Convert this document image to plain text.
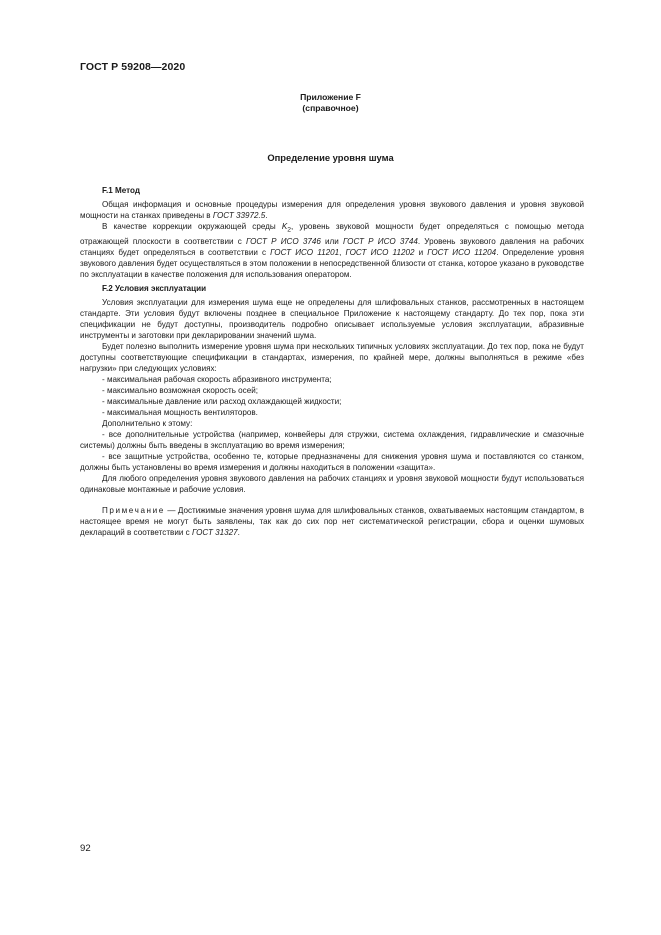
ГОСТ Р 59208—2020
Приложение F
(справочное)
Определение уровня шума

F.1 Метод

Общая информация и основные процедуры измерения для определения уровня звукового давления и уровня звуковой мощности на станках приведены в ГОСТ 33972.5.

В качестве коррекции окружающей среды $K_2$, уровень звуковой мощности будет определяться с помощью метода отражающей плоскости в соответствии с ГОСТ Р ИСО 3746 или ГОСТ Р ИСО 3744. Уровень звукового давления на рабочих станциях будет определяться в соответствии с ГОСТ ИСО 11201, ГОСТ ИСО 11202 и ГОСТ ИСО 11204. Определение уровня звукового давления будет осуществляться в этом положении в непосредственной близости от станка, которое указано в руководстве по эксплуатации в качестве положения для использования оператором.

F.2 Условия эксплуатации

Условия эксплуатации для измерения шума еще не определены для шлифовальных станков, рассмотренных в настоящем стандарте. Эти условия будут включены позднее в специальное Приложение к настоящему стандарту. До тех пор, пока эти спецификации не будут доступны, производитель подробно описывает используемые условия эксплуатации, абразивные инструменты и заготовки при декларировании значений шума.

Будет полезно выполнить измерение уровня шума при нескольких типичных условиях эксплуатации. До тех пор, пока не будут доступны соответствующие спецификации в стандартах, измерения, по крайней мере, должны выполняться в режиме «без нагрузки» при следующих условиях:

- максимальная рабочая скорость абразивного инструмента;

- максимально возможная скорость осей;

- максимальные давление или расход охлаждающей жидкости;

- максимальная мощность вентиляторов.

Дополнительно к этому:

- все дополнительные устройства (например, конвейеры для стружки, система охлаждения, гидравлические и смазочные системы) должны быть введены в эксплуатацию во время измерения;

- все защитные устройства, особенно те, которые предназначены для снижения уровня шума и поставляются со станком, должны быть установлены во время измерения и должны находиться в положении «защита».

Для любого определения уровня звукового давления на рабочих станциях и уровня звуковой мощности будут использоваться одинаковые монтажные и рабочие условия.

Примечание — Достижимые значения уровня шума для шлифовальных станков, охватываемых настоящим стандартом, в настоящее время не могут быть заявлены, так как до сих пор нет систематической регистрации, сбора и оценки шумовых деклараций в соответствии с ГОСТ 31327.

92
